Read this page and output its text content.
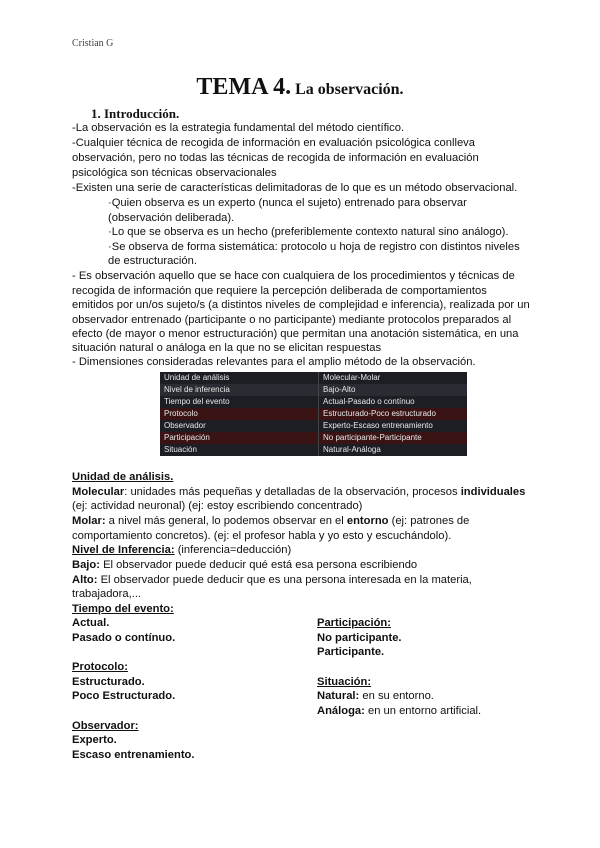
Cristian G
TEMA 4. La observación.
1. Introducción.
-La observación es la estrategia fundamental del método científico.
-Cualquier técnica de recogida de información en evaluación psicológica conlleva
observación, pero no todas las técnicas de recogida de información en evaluación
psicológica son técnicas observacionales
-Existen una serie de características delimitadoras de lo que es un método observacional.
·Quien observa es un experto (nunca el sujeto) entrenado para observar
(observación deliberada).
·Lo que se observa es un hecho (preferiblemente contexto natural sino análogo).
·Se observa de forma sistemática: protocolo u hoja de registro con distintos niveles
de estructuración.
- Es observación aquello que se hace con cualquiera de los procedimientos y técnicas de
recogida de información que requiere la percepción deliberada de comportamientos
emitidos por un/os sujeto/s (a distintos niveles de complejidad e inferencia), realizada por un
observador entrenado (participante o no participante) mediante protocolos preparados al
efecto (de mayor o menor estructuración) que permitan una anotación sistemática, en una
situación natural o análoga en la que no se elicitan respuestas
- Dimensiones consideradas relevantes para el amplio método de la observación.
Unidad de análisis	Molecular-Molar
Nivel de inferencia	Bajo-Alto
Tiempo del evento	Actual-Pasado o contínuo
Protocolo	Estructurado-Poco estructurado
Observador	Experto-Escaso entrenamiento
Participación	No participante-Participante
Situación	Natural-Análoga
Unidad de análisis.
Molecular: unidades más pequeñas y detalladas de la observación, procesos individuales
(ej: actividad neuronal) (ej: estoy escribiendo concentrado)
Molar: a nivel más general, lo podemos observar en el entorno (ej: patrones de
comportamiento concretos). (ej: el profesor habla y yo esto y escuchándolo).
Nivel de Inferencia: (inferencia=deducción)
Bajo: El observador puede deducir qué está esa persona escribiendo
Alto: El observador puede deducir que es una persona interesada en la materia,
trabajadora,...
Tiempo del evento:
Actual.
Pasado o contínuo.
Protocolo:
Estructurado.
Poco Estructurado.
Observador:
Experto.
Escaso entrenamiento.
Participación:
No participante.
Participante.
Situación:
Natural: en su entorno.
Análoga: en un entorno artificial.
